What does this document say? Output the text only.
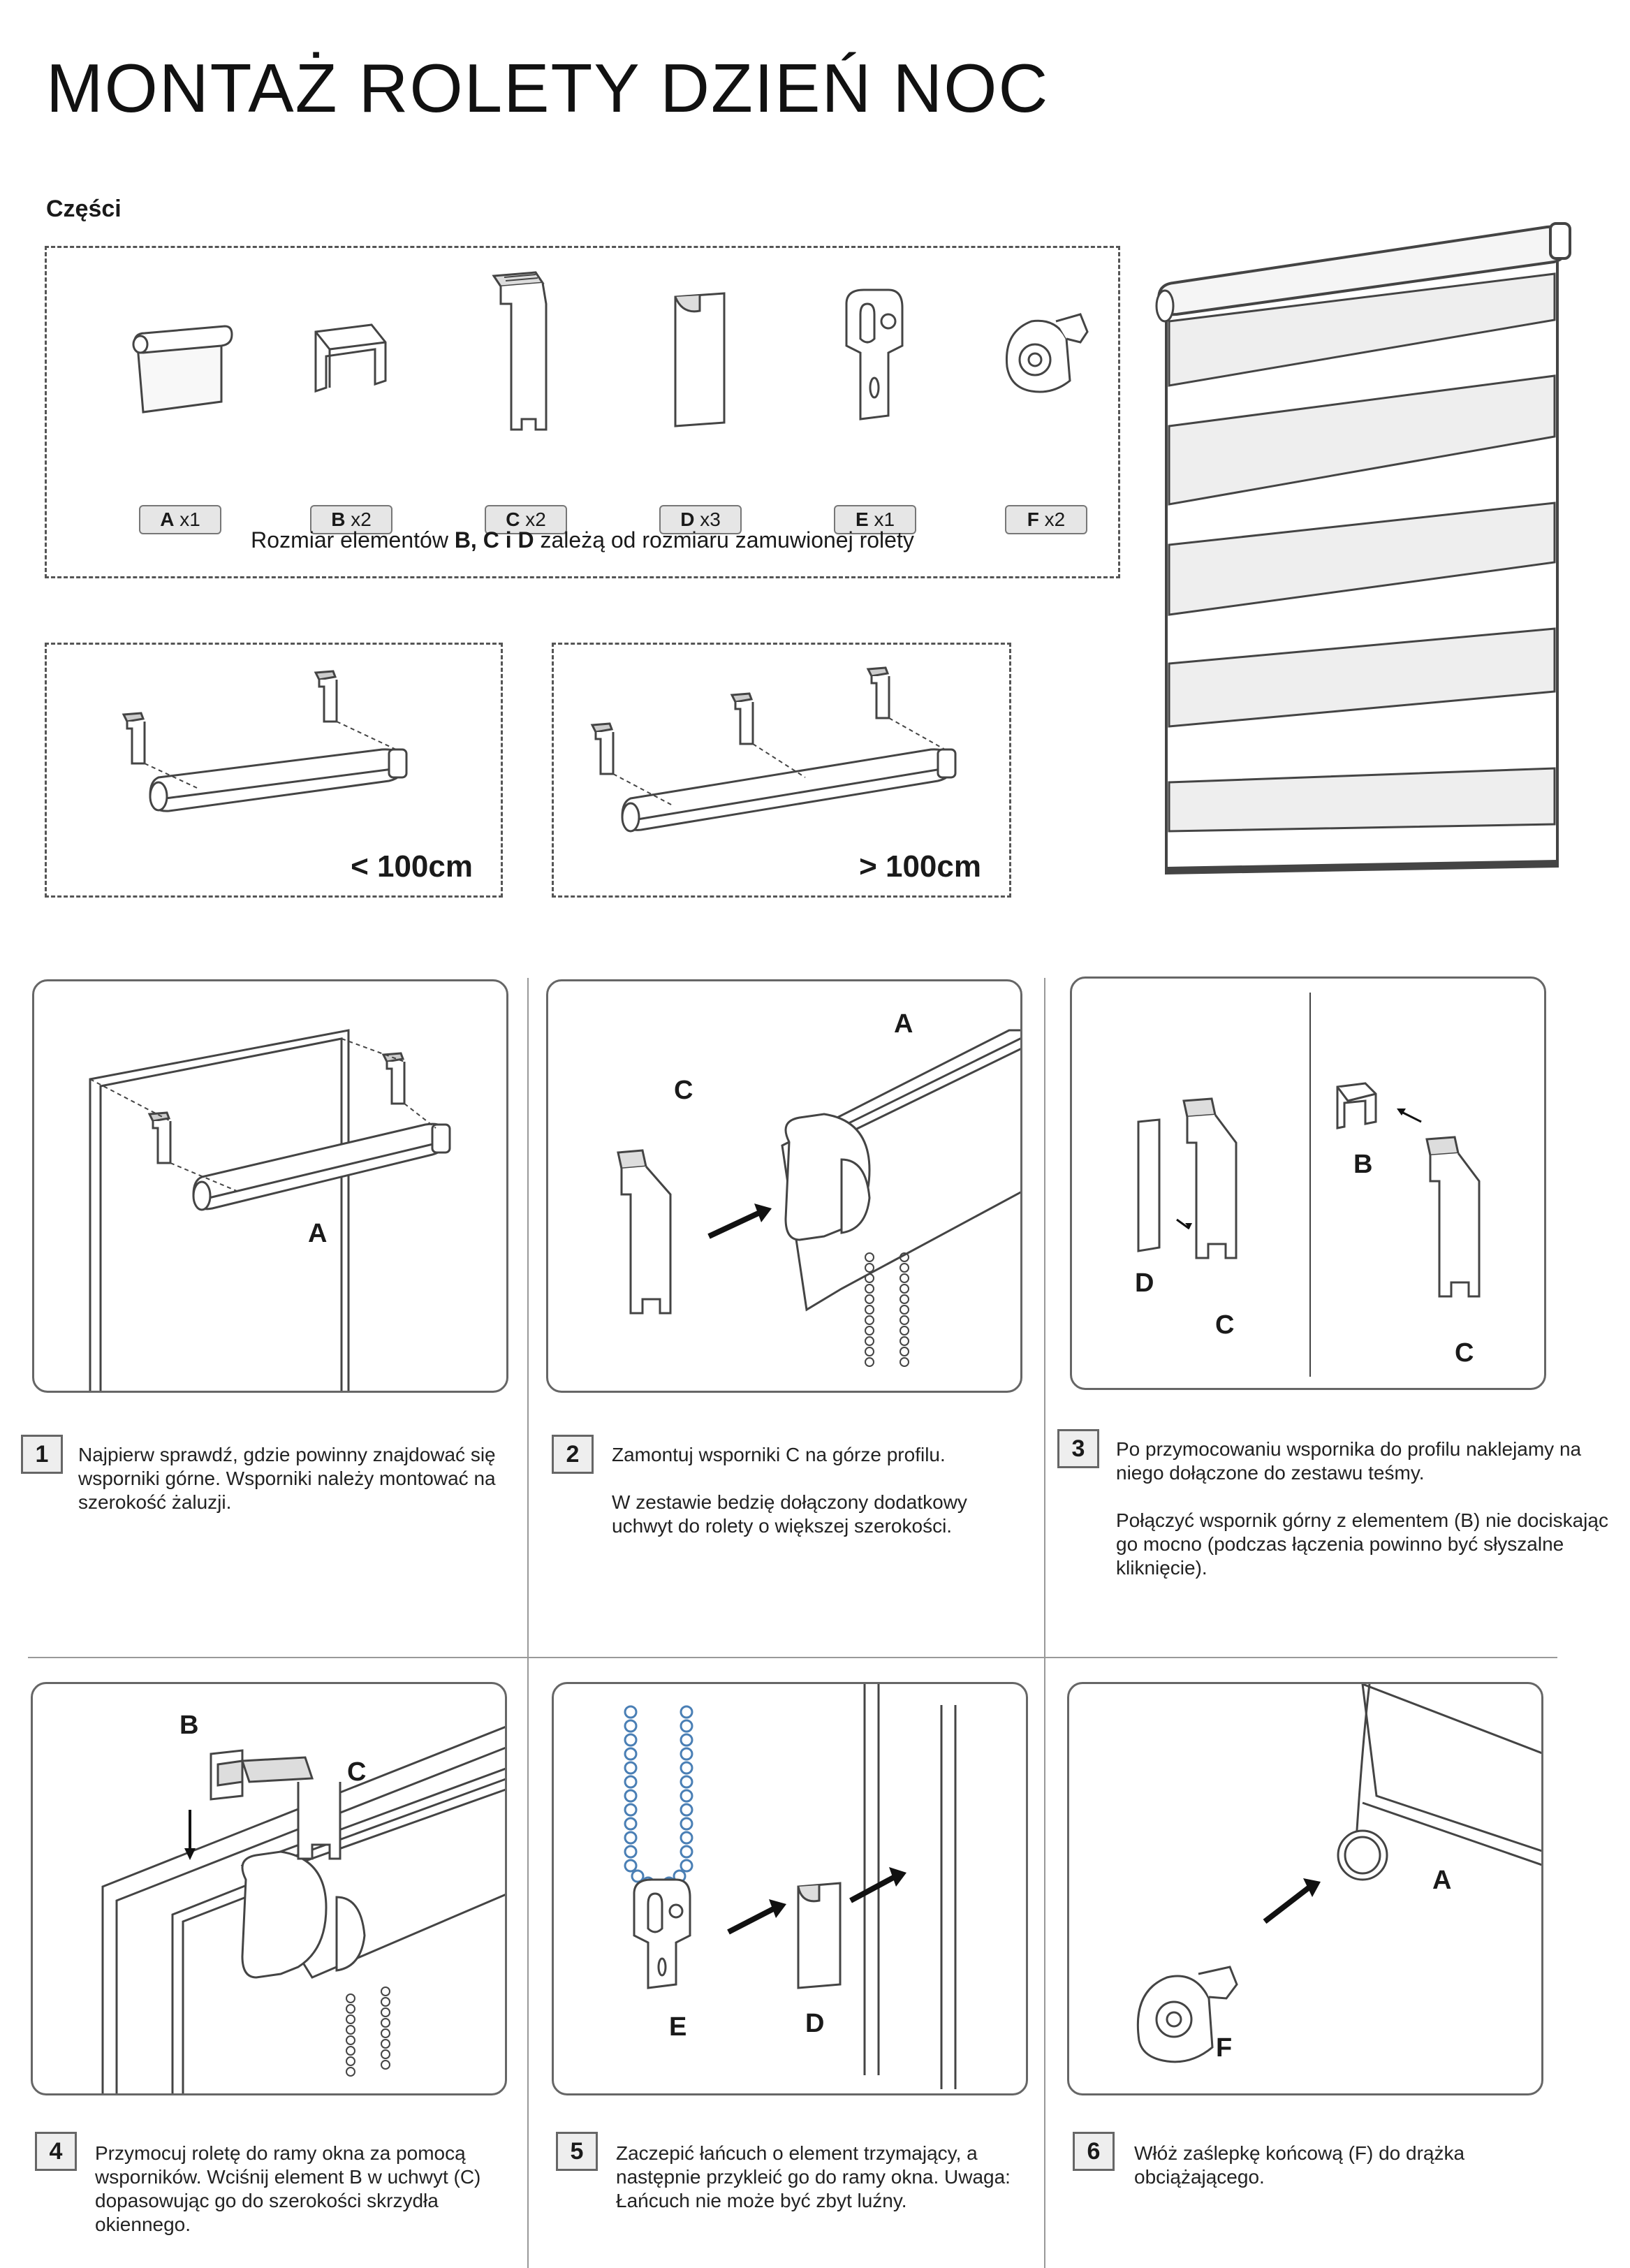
MONTAŻ ROLETY DZIEŃ NOC
Części
A x1	B x2	C x2	D x3	E x1	F x2
Rozmiar elementów B, C i D zależą od rozmiaru zamuwionej rolety
< 100cm	> 100cm
A
A
C
B
D
C
C
1	Najpierw sprawdź, gdzie powinny znajdować się wsporniki górne. Wsporniki należy montować na szerokość żaluzji.

2	Zamontuj wsporniki C na górze profilu.

W zestawie bedzię dołączony dodatkowy uchwyt do rolety o większej szerokości.

3	Po przymocowaniu wspornika do profilu naklejamy na niego dołączone do zestawu teśmy.

Połączyć wspornik górny z elementem (B) nie dociskając go mocno (podczas łączenia powinno być słyszalne kliknięcie).

B
C
D
E
A
F
4	Przymocuj roletę do ramy okna za pomocą wsporników. Wciśnij element B w uchwyt (C) dopasowując go do szerokości skrzydła okiennego.

5	Zaczepić łańcuch o element trzymający, a następnie przykleić go do ramy okna. Uwaga: Łańcuch nie może być zbyt luźny.

6	Włóż zaślepkę końcową (F) do drążka obciążającego.
